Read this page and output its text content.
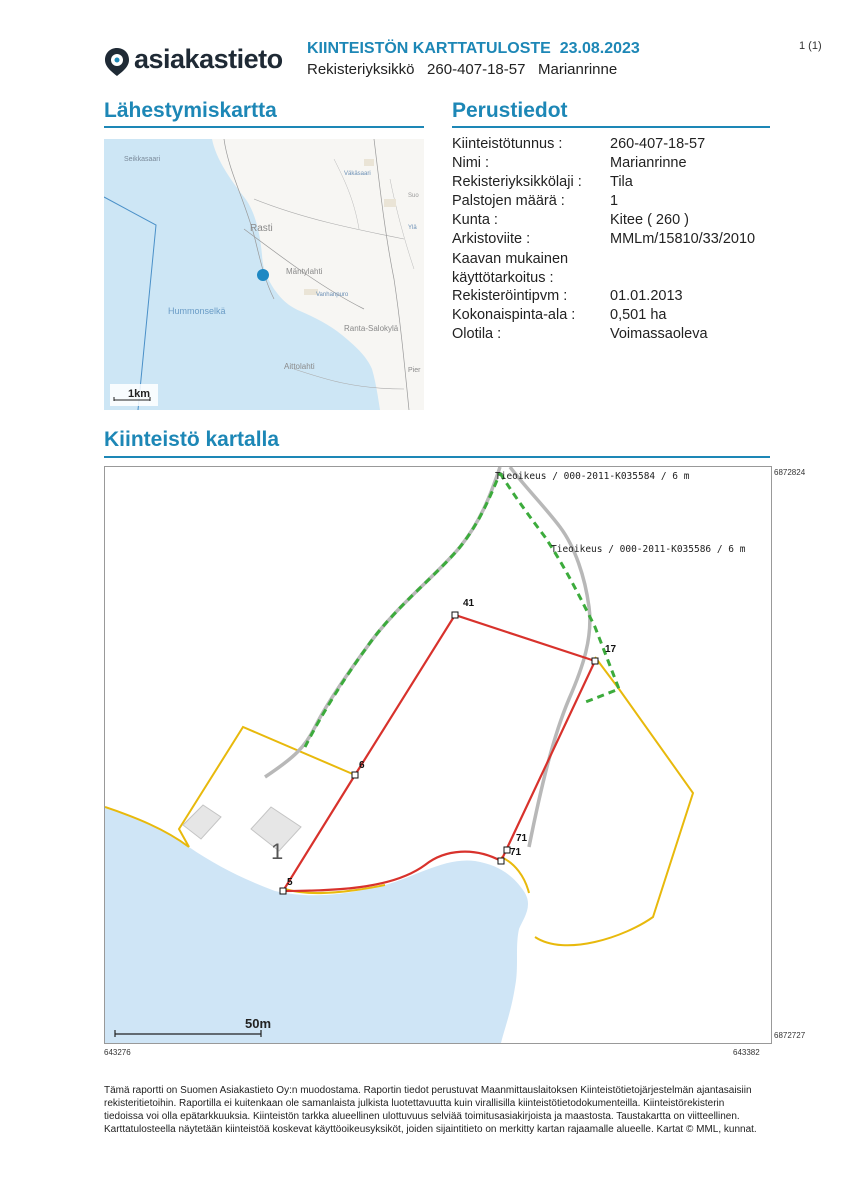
asiakastieto KIINTEISTÖN KARTTATULOSTE 23.08.2023
Rekisteriyksikkö 260-407-18-57 Marianrinne
1 (1)
Lähestymiskartta
Seikkasaari
Väkäsaari
Suo
Rasti	Ylä
Mäntylahti
Vanhanpuro
Hummonselkä
Ranta-Salokylä
Aittolahti	Pier
1km
Perustiedot
Kiinteistötunnus :	260-407-18-57
Nimi :	Marianrinne
Rekisteriyksikkölaji : Tila
Palstojen määrä :	1
Kunta :	Kitee ( 260 )
Arkistoviite :	MMLm/15810/33/2010
Kaavan mukainen
käyttötarkoitus :
Rekisteröintipvm :	01.01.2013
Kokonaispinta-ala : 0,501 ha
Olotila :	Voimassaoleva
Kiinteistö kartalla
41
17
6
5
71
71
1
Tieoikeus / 000-2011-K035584 / 6 m
Tieoikeus / 000-2011-K035586 / 6 m
50m
6872824
6872727
643276	643382
Tämä raportti on Suomen Asiakastieto Oy:n muodostama. Raportin tiedot perustuvat Maanmittauslaitoksen Kiinteistötietojärjestelmän ajantasaisiin rekisteritietoihin. Raportilla ei kuitenkaan ole samanlaista julkista luotettavuutta kuin virallisilla kiinteistötietodokumenteilla. Kiinteistörekisterin tiedoissa voi olla epätarkkuuksia. Kiinteistön tarkka alueellinen ulottuvuus selviää toimitusasiakirjoista ja maastosta. Taustakartta on viitteellinen. Karttatulosteella näytetään kiinteistöä koskevat käyttöoikeusyksiköt, joiden sijaintitieto on merkitty kartan rajaamalle alueelle. Kartat © MML, kunnat.
